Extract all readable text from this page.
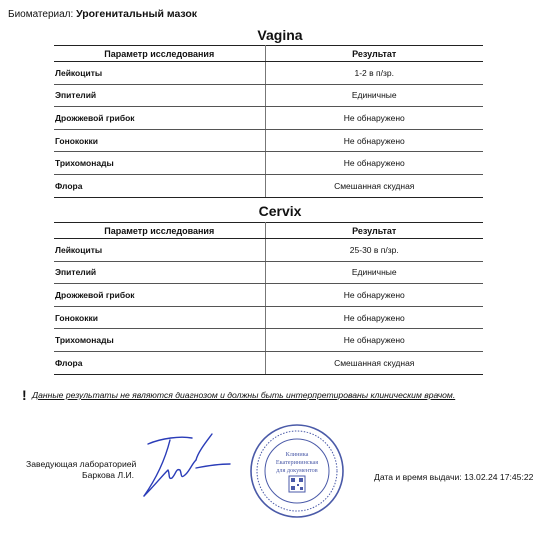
Биоматериал: Урогенитальный мазок
Vagina
Параметр исследования	Результат
Лейкоциты	1-2 в п/зр.
Эпителий	Единичные
Дрожжевой грибок	Не обнаружено
Гонококки	Не обнаружено
Трихомонады	Не обнаружено
Флора	Смешанная скудная
Cervix
Параметр исследования	Результат
Лейкоциты	25-30 в п/зр.
Эпителий	Единичные
Дрожжевой грибок	Не обнаружено
Гонококки	Не обнаружено
Трихомонады	Не обнаружено
Флора	Смешанная скудная
! Данные результаты не являются диагнозом и должны быть интерпретированы клиническим врачом.
Заведующая лабораторией
Баркова Л.И.
Клиника
Екатерининская
для документов
Дата и время выдачи: 13.02.24 17:45:22
